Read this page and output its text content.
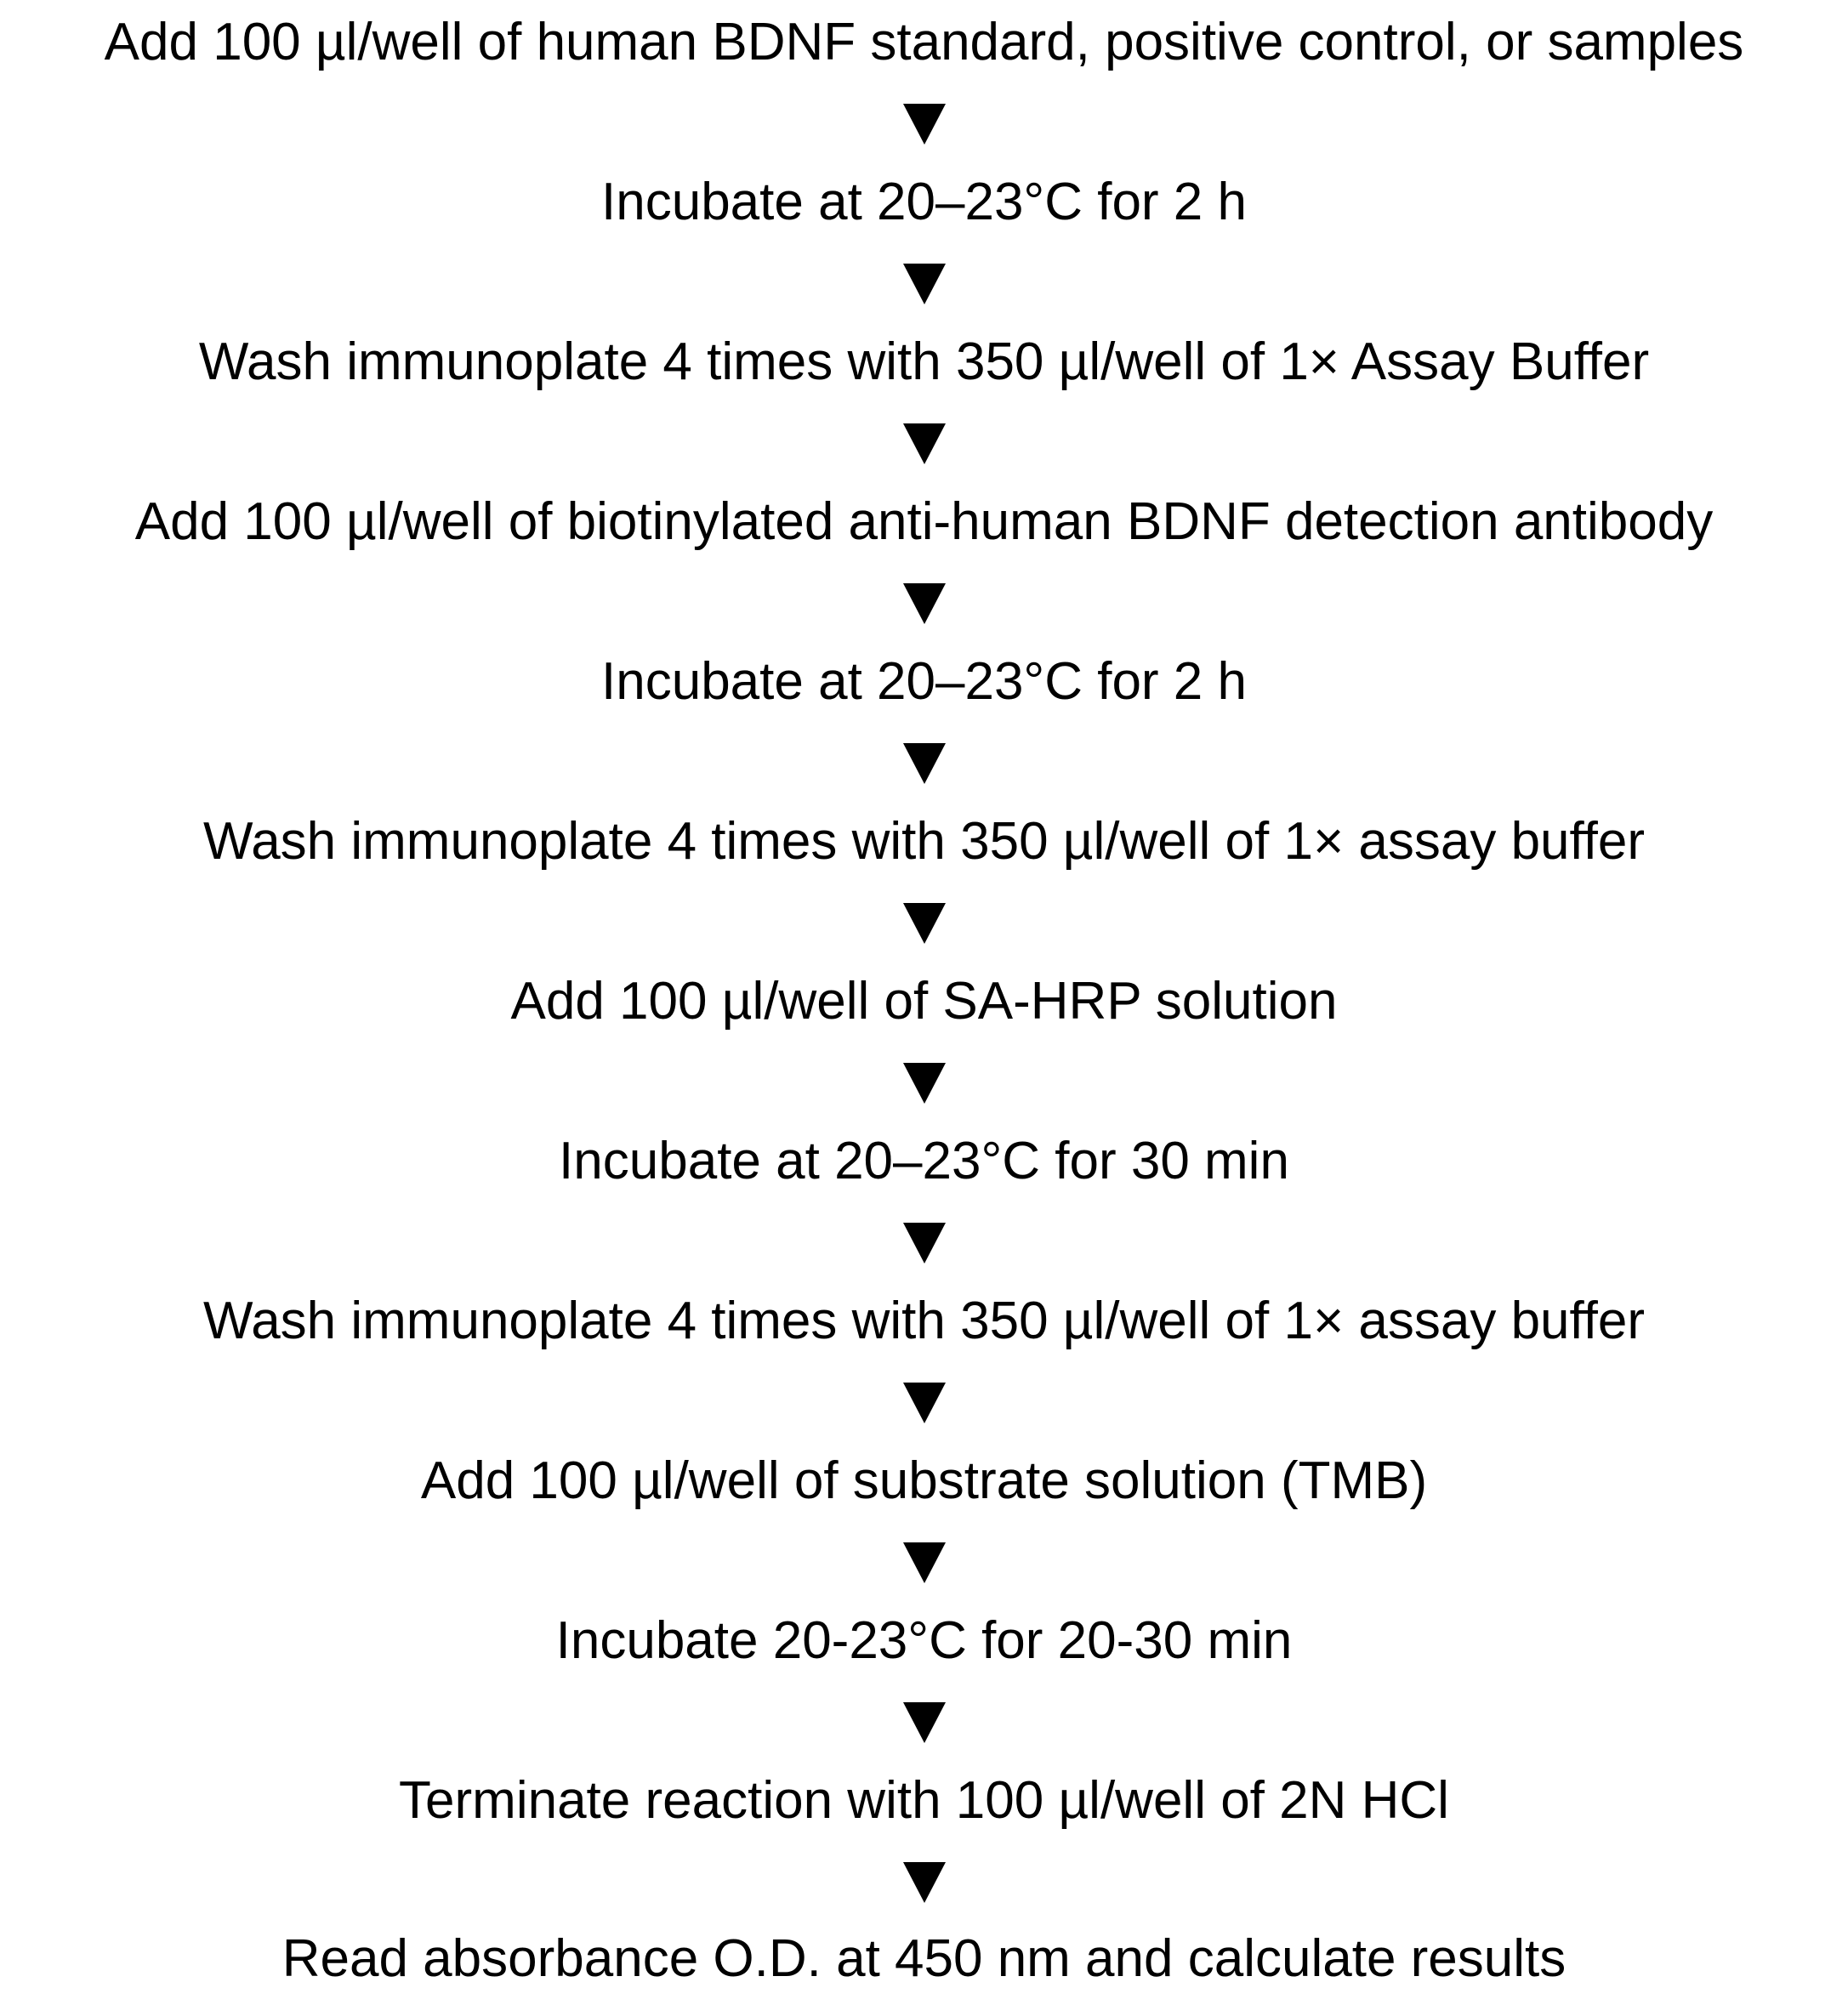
Add 100 µl/well of human BDNF standard, positive control, or samples
Incubate at 20–23°C for 2 h
Wash immunoplate 4 times with 350 µl/well of 1× Assay Buffer
Add 100 µl/well of biotinylated anti-human BDNF detection antibody
Incubate at 20–23°C for 2 h
Wash immunoplate 4 times with 350 µl/well of 1× assay buffer
Add 100 µl/well of SA-HRP solution
Incubate at 20–23°C for 30 min
Wash immunoplate 4 times with 350 µl/well of 1× assay buffer
Add 100 µl/well of substrate solution (TMB)
Incubate 20-23°C for 20-30 min
Terminate reaction with 100 µl/well of 2N HCl
Read absorbance O.D. at 450 nm and calculate results
